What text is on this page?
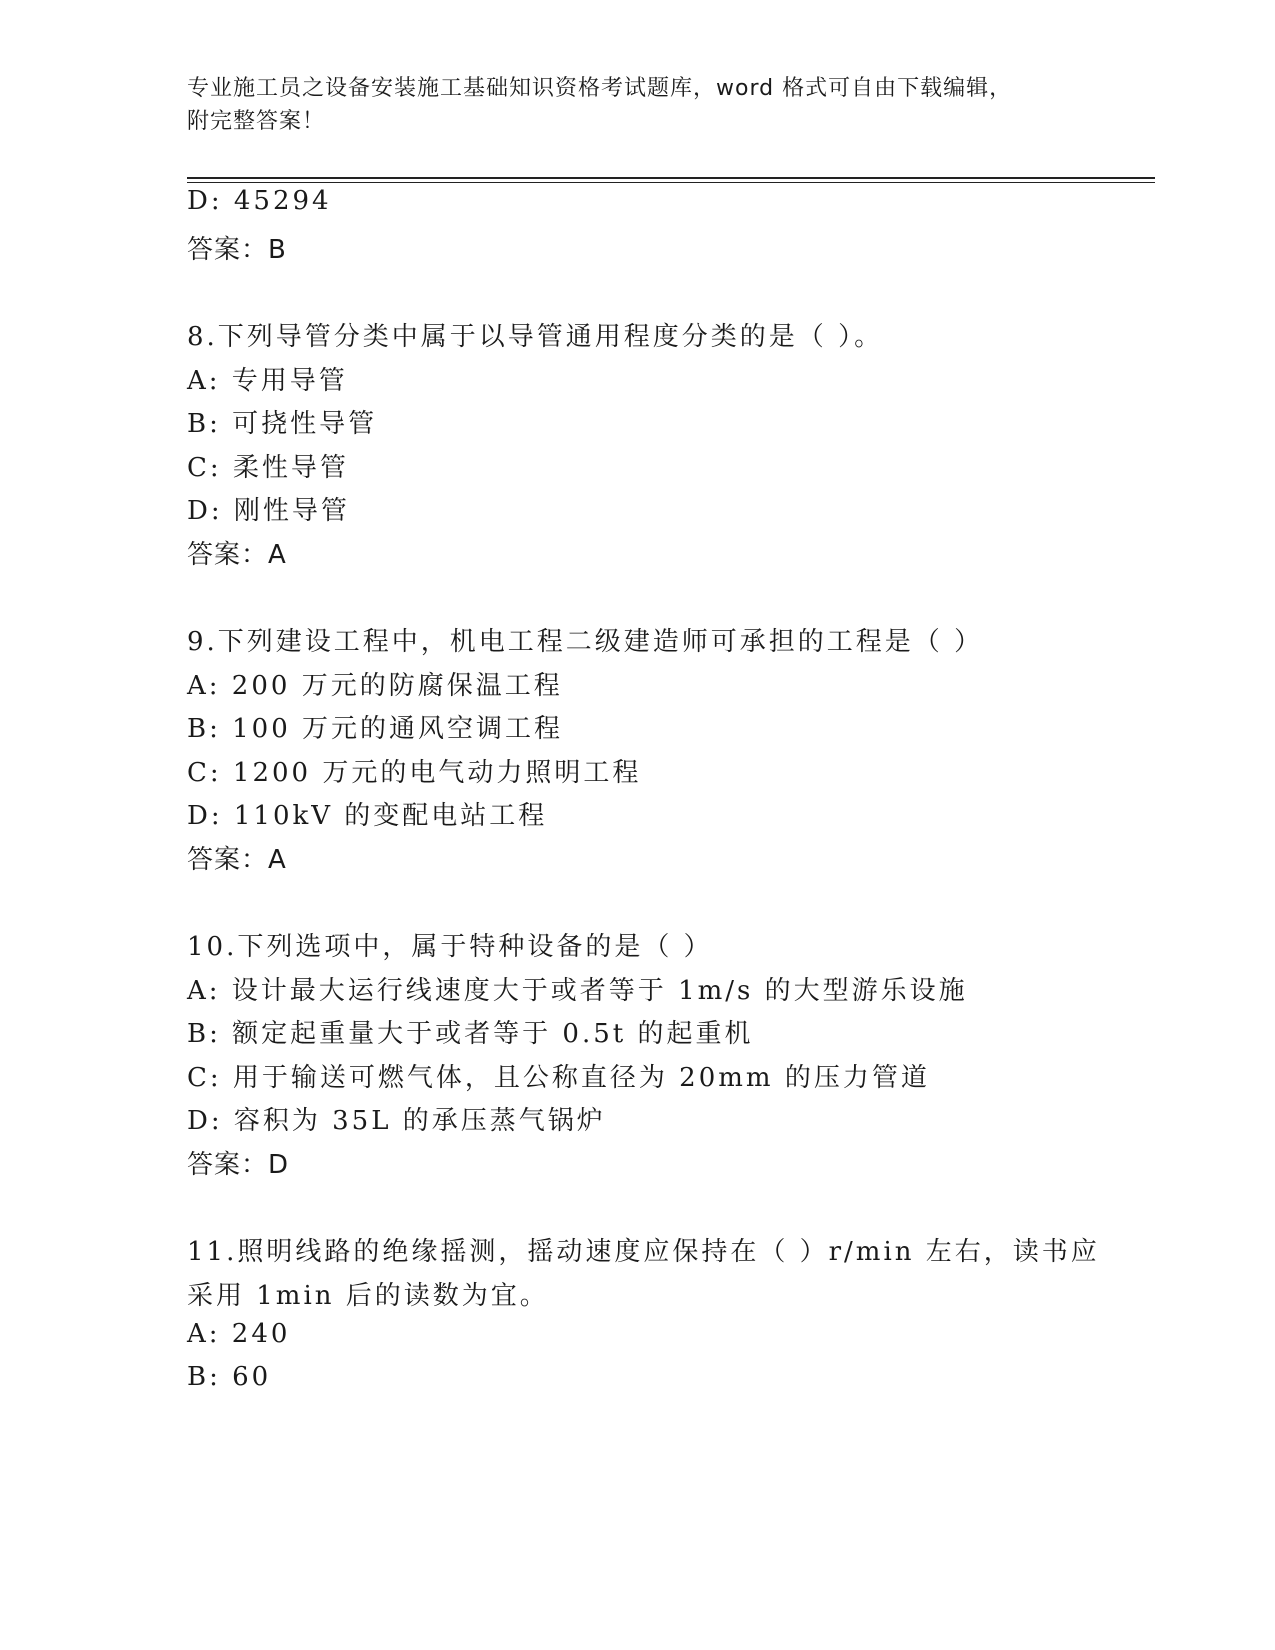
专业施工员之设备安装施工基础知识资格考试题库，word 格式可自由下载编辑，
附完整答案！
D: 45294
答案：B
8.下列导管分类中属于以导管通用程度分类的是（ ）。
A: 专用导管
B: 可挠性导管
C: 柔性导管
D: 刚性导管
答案：A
9.下列建设工程中，机电工程二级建造师可承担的工程是（ ）
A: 200 万元的防腐保温工程
B: 100 万元的通风空调工程
C: 1200 万元的电气动力照明工程
D: 110kV 的变配电站工程
答案：A
10.下列选项中，属于特种设备的是（ ）
A: 设计最大运行线速度大于或者等于 1m/s 的大型游乐设施
B: 额定起重量大于或者等于 0.5t 的起重机
C: 用于输送可燃气体，且公称直径为 20mm 的压力管道
D: 容积为 35L 的承压蒸气锅炉
答案：D
11.照明线路的绝缘摇测，摇动速度应保持在（ ）r/min 左右，读书应
采用 1min 后的读数为宜。
A: 240
B: 60
